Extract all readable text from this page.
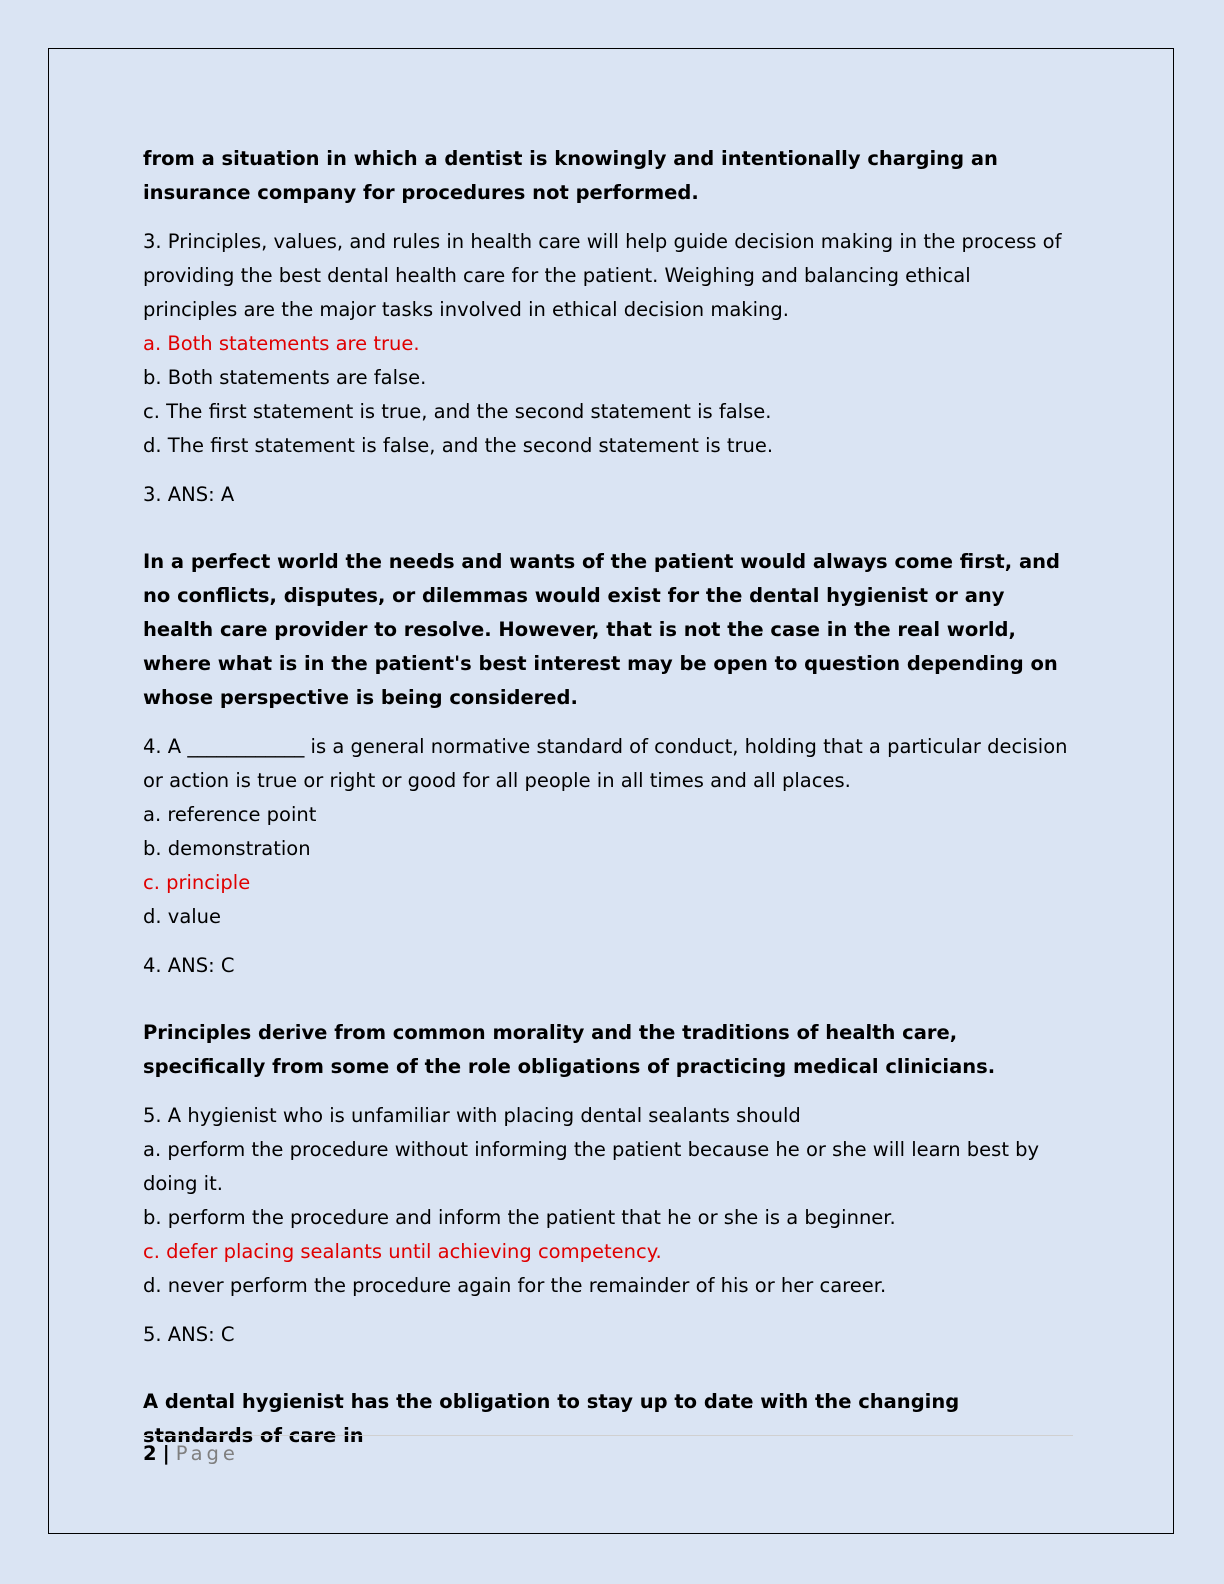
from a situation in which a dentist is knowingly and intentionally charging an insurance company for procedures not performed.

3. Principles, values, and rules in health care will help guide decision making in the process of providing the best dental health care for the patient. Weighing and balancing ethical principles are the major tasks involved in ethical decision making.

a. Both statements are true.

b. Both statements are false.

c. The first statement is true, and the second statement is false.

d. The first statement is false, and the second statement is true.

3. ANS: A

In a perfect world the needs and wants of the patient would always come first, and no conflicts, disputes, or dilemmas would exist for the dental hygienist or any health care provider to resolve. However, that is not the case in the real world, where what is in the patient's best interest may be open to question depending on whose perspective is being considered.

4. A ____________ is a general normative standard of conduct, holding that a particular decision or action is true or right or good for all people in all times and all places.

a. reference point

b. demonstration

c. principle

d. value

4. ANS: C

Principles derive from common morality and the traditions of health care, specifically from some of the role obligations of practicing medical clinicians.

5. A hygienist who is unfamiliar with placing dental sealants should

a. perform the procedure without informing the patient because he or she will learn best by doing it.

b. perform the procedure and inform the patient that he or she is a beginner.

c. defer placing sealants until achieving competency.

d. never perform the procedure again for the remainder of his or her career.

5. ANS: C

A dental hygienist has the obligation to stay up to date with the changing standards of care in

2 | Page
